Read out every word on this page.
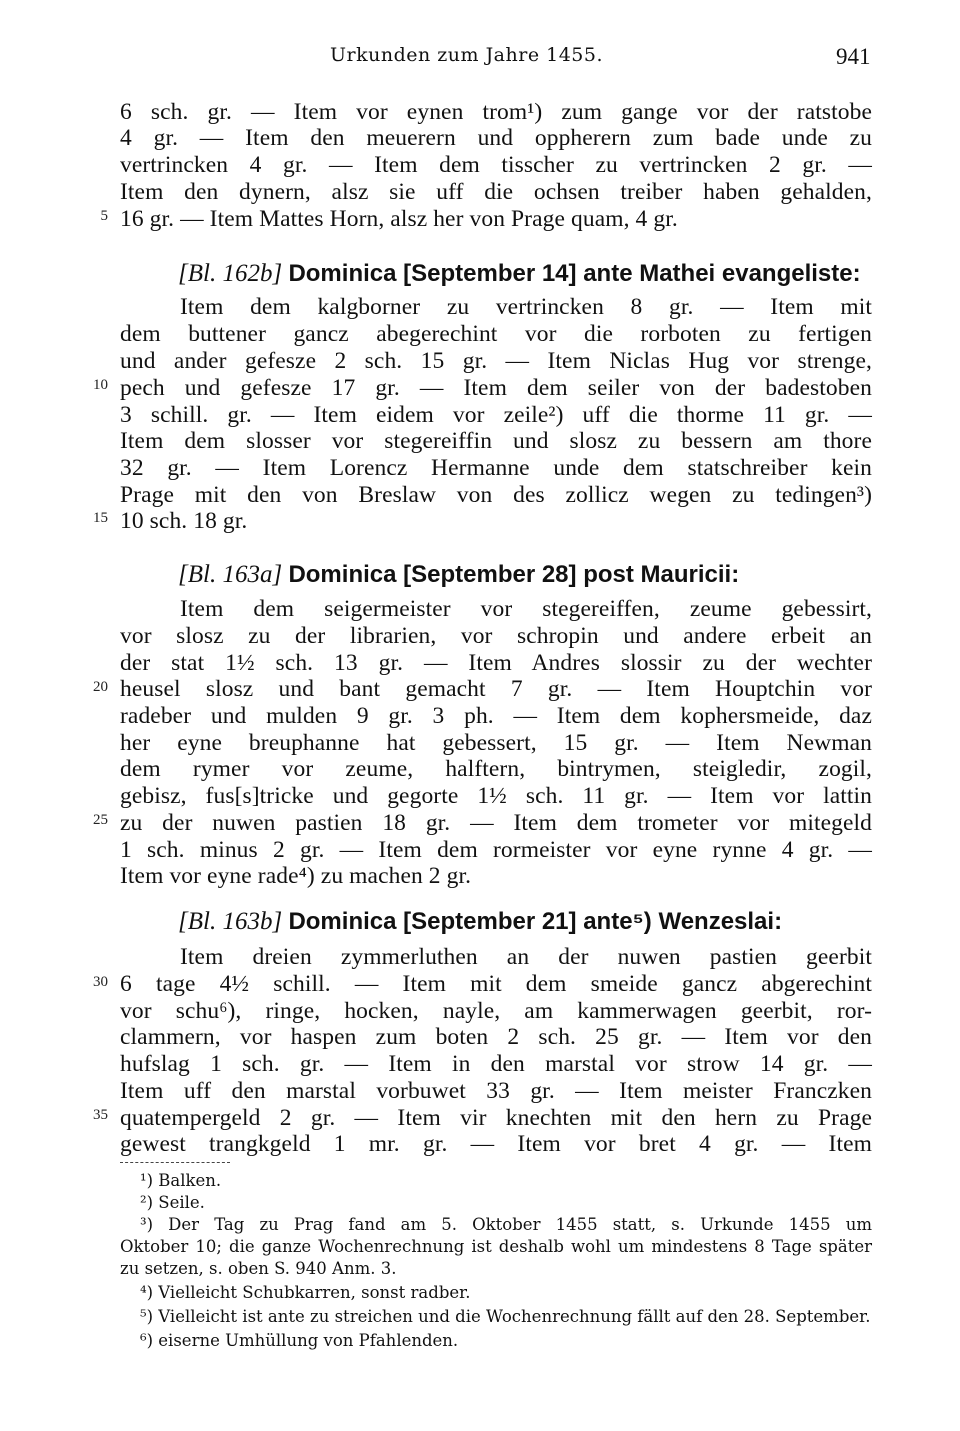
Urkunden zum Jahre 1455.	941
5
10
15
20
25
30
35
6 sch. gr. — Item vor eynen trom¹) zum gange vor der ratstobe
4 gr. — Item den meuerern und oppherern zum bade unde zu
vertrincken 4 gr. — Item dem tisscher zu vertrincken 2 gr. —
Item den dynern, alsz sie uff die ochsen treiber haben gehalden,
16 gr. — Item Mattes Horn, alsz her von Prage quam, 4 gr.
[Bl. 162b] Dominica [September 14] ante Mathei evangeliste:
Item dem kalgborner zu vertrincken 8 gr. — Item mit
dem buttener gancz abegerechint vor die rorboten zu fertigen
und ander gefesze 2 sch. 15 gr. — Item Niclas Hug vor strenge,
pech und gefesze 17 gr. — Item dem seiler von der badestoben
3 schill. gr. — Item eidem vor zeile²) uff die thorme 11 gr. —
Item dem slosser vor stegereiffin und slosz zu bessern am thore
32 gr. — Item Lorencz Hermanne unde dem statschreiber kein
Prage mit den von Breslaw von des zollicz wegen zu tedingen³)
10 sch. 18 gr.
[Bl. 163a] Dominica [September 28] post Mauricii:
Item dem seigermeister vor stegereiffen, zeume gebessirt,
vor slosz zu der librarien, vor schropin und andere erbeit an
der stat 1½ sch. 13 gr. — Item Andres slossir zu der wechter
heusel slosz und bant gemacht 7 gr. — Item Houptchin vor
radeber und mulden 9 gr. 3 ph. — Item dem kophersmeide, daz
her eyne breuphanne hat gebessert, 15 gr. — Item Newman
dem rymer vor zeume, halftern, bintrymen, steigledir, zogil,
gebisz, fus[s]tricke und gegorte 1½ sch. 11 gr. — Item vor lattin
zu der nuwen pastien 18 gr. — Item dem trometer vor mitegeld
1 sch. minus 2 gr. — Item dem rormeister vor eyne rynne 4 gr. —
Item vor eyne rade⁴) zu machen 2 gr.
[Bl. 163b] Dominica [September 21] ante⁵) Wenzeslai:
Item dreien zymmerluthen an der nuwen pastien geerbit
6 tage 4½ schill. — Item mit dem smeide gancz abgerechint
vor schu⁶), ringe, hocken, nayle, am kammerwagen geerbit, ror-
clammern, vor haspen zum boten 2 sch. 25 gr. — Item vor den
hufslag 1 sch. gr. — Item in den marstal vor strow 14 gr. —
Item uff den marstal vorbuwet 33 gr. — Item meister Franczken
quatempergeld 2 gr. — Item vir knechten mit den hern zu Prage
gewest trangkgeld 1 mr. gr. — Item vor bret 4 gr. — Item
¹) Balken.
²) Seile.
³) Der Tag zu Prag fand am 5. Oktober 1455 statt, s. Urkunde 1455 um
Oktober 10; die ganze Wochenrechnung ist deshalb wohl um mindestens 8 Tage später
zu setzen, s. oben S. 940 Anm. 3.
⁴) Vielleicht Schubkarren, sonst radber.
⁵) Vielleicht ist ante zu streichen und die Wochenrechnung fällt auf den 28. September.
⁶) eiserne Umhüllung von Pfahlenden.
